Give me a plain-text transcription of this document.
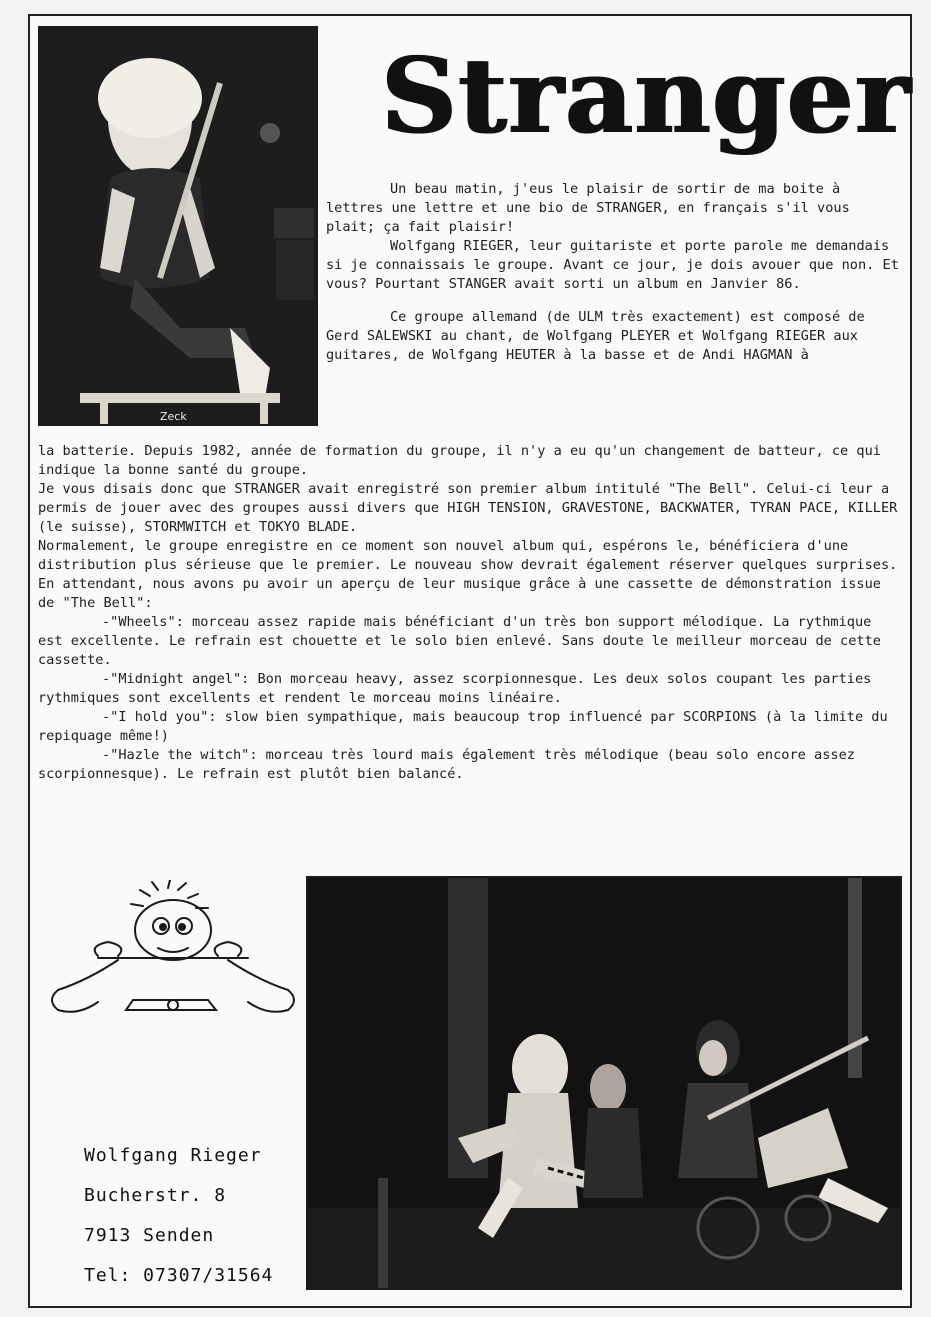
Zeck
Stranger

Un beau matin, j'eus le plaisir de sortir de ma boite à lettres une lettre et une bio de STRANGER, en français s'il vous plait; ça fait plaisir!

Wolfgang RIEGER, leur guitariste et porte parole me demandais si je connaissais le groupe. Avant ce jour, je dois avouer que non. Et vous? Pourtant STANGER avait sorti un album en Janvier 86.

Ce groupe allemand (de ULM très exactement) est composé de Gerd SALEWSKI au chant, de Wolfgang PLEYER et Wolfgang RIEGER aux guitares, de Wolfgang HEUTER à la basse et de Andi HAGMAN à

la batterie. Depuis 1982, année de formation du groupe, il n'y a eu qu'un changement de batteur, ce qui indique la bonne santé du groupe.

Je vous disais donc que STRANGER avait enregistré son premier album intitulé "The Bell". Celui-ci leur a permis de jouer avec des groupes aussi divers que HIGH TENSION, GRAVESTONE, BACKWATER, TYRAN PACE, KILLER (le suisse), STORMWITCH et TOKYO BLADE.

Normalement, le groupe enregistre en ce moment son nouvel album qui, espérons le, bénéficiera d'une distribution plus sérieuse que le premier. Le nouveau show devrait également réserver quelques surprises.

En attendant, nous avons pu avoir un aperçu de leur musique grâce à une cassette de démonstration issue de "The Bell":

-"Wheels": morceau assez rapide mais bénéficiant d'un très bon support mélodique. La rythmique est excellente. Le refrain est chouette et le solo bien enlevé. Sans doute le meilleur morceau de cette cassette.

-"Midnight angel": Bon morceau heavy, assez scorpionnesque. Les deux solos coupant les parties rythmiques sont excellents et rendent le morceau moins linéaire.

-"I hold you": slow bien sympathique, mais beaucoup trop influencé par SCORPIONS (à la limite du repiquage même!)

-"Hazle the witch": morceau très lourd mais également très mélodique (beau solo encore assez scorpionnesque). Le refrain est plutôt bien balancé.

Wolfgang Rieger
Bucherstr. 8
7913 Senden
Tel: 07307/31564
